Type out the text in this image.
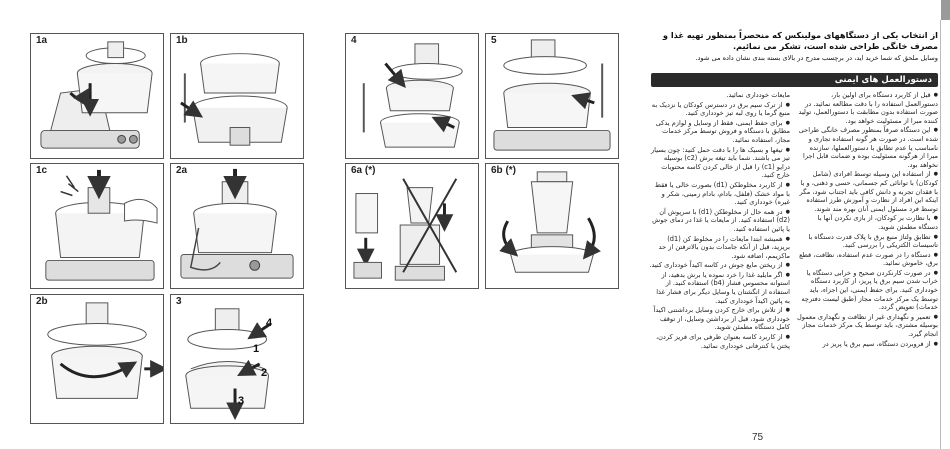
1a	1b
1c	2a
2b	3
4
1
2
3
4	5
6a (*)	6b (*)
از انتخاب یکی از دستگاههای مولینکس که منحصراً بمنظور تهیه غذا و مصرف خانگی طراحی شده است، تشکر می نمائیم.
وسایل ملحق که شما خرید اید، در برچسب مدرج در بالای بسته بندی نشان داده می شود.
دستورالعمل های ایمنی

● قبل از کاربرد دستگاه برای اولین بار، دستورالعمل استفاده را با دقت مطالعه نمائید. در صورت استفاده بدون مطابقت با دستورالعمل، تولید کننده مبرا از مسئولیت خواهد بود.

● این دستگاه صرفاً بمنظور مصرف خانگی طراحی شده است. در صورت هر گونه استفاده تجاری و نامناسب یا عدم تطابق با دستورالعملها، سازنده مبرا از هرگونه مسئولیت بوده و ضمانت قابل اجرا نخواهد بود.

● از استفاده این وسیله توسط افرادی (شامل کودکان) با توانائی کم جسمانی، حسی و ذهنی، و یا با فقدان تجربه و دانش کافی باید اجتناب شود، مگر اینکه این افراد از نظارت و آموزش طرز استفاده توسط فرد مسئول ایمنی آنان بهره مند شوند.

● با نظارت بر کودکان، از بازی نکردن آنها با دستگاه مطمئن شوید.

● تطابق ولتاژ منبع برق با پلاک قدرت دستگاه با تاسیسات الکتریکی را بررسی کنید.

● دستگاه را در صورت عدم استفاده، نظافت، قطع برق، خاموش نمائید.

● در صورت کارنکردن صحیح و خرابی دستگاه یا خراب شدن سیم برق یا پریز، از کاربرد دستگاه خودداری کنید. برای حفظ ایمنی، این اجزاء، باید توسط یک مرکز خدمات مجاز (طبق لیست دفترچه خدمات) تعویض گردد.

● تعمیر و نگهداری غیر از نظافت و نگهداری معمول بوسیله مشتری، باید توسط یک مرکز خدمات مجاز انجام گیرد.

● از فروبردن دستگاه، سیم برق یا پریز در

مایعات خودداری نمائید.

● از ترک سیم برق در دسترس کودکان یا نزدیک به منبع گرما یا روی لبه تیز خودداری کنید.

● برای حفظ ایمنی، فقط از وسایل و لوازم یدکی مطابق با دستگاه و فروش توسط مرکز خدمات مجاز، استفاده نمائید.

● تیغها و بسیک ها را با دقت حمل کنید: چون بسیار تیز می باشند. شما باید تیغه برش (c2) بوسیله درایو (c1) را قبل از خالی کردن کاسه محتویات خارج کنید.

● از کاربرد مخلوطکن (d1) بصورت خالی یا فقط با مواد خشک (فلفل، بادام، بادام زمینی، شکر و غیره) خودداری کنید.

● در همه حال از مخلوطکن (d1) با سرپوش آن (d2) استفاده کنید. از مایعات یا غذا در دمای جوش یا پائین استفاده کنید.

● همیشه ابتدا مایعات را در مخلوط کن (d1) بریزید، قبل از آنکه جامدات بدون بالاترفتن از حد ماکزیمم، اضافه شود.

● از ریختن مایع جوش در کاسه اکیداً خودداری کنید.

● اگر مایلید غذا را خرد نموده یا برش بدهید، از استوانه محسوس فشار (b4) استفاده کنید. از استفاده از انگشتان یا وسایل دیگر برای فشار غذا به پائین اکیداً خودداری کنید.

● از تلاش برای خارج کردن وسایل برداشتنی اکیداً خودداری شود، قبل از برداشتن وسایل، از توقف کامل دستگاه مطمئن شوید.

● از کاربرد کاسه بعنوان ظرفی برای فریز کردن، پختن یا کنترفانی خودداری نمائید.

75
